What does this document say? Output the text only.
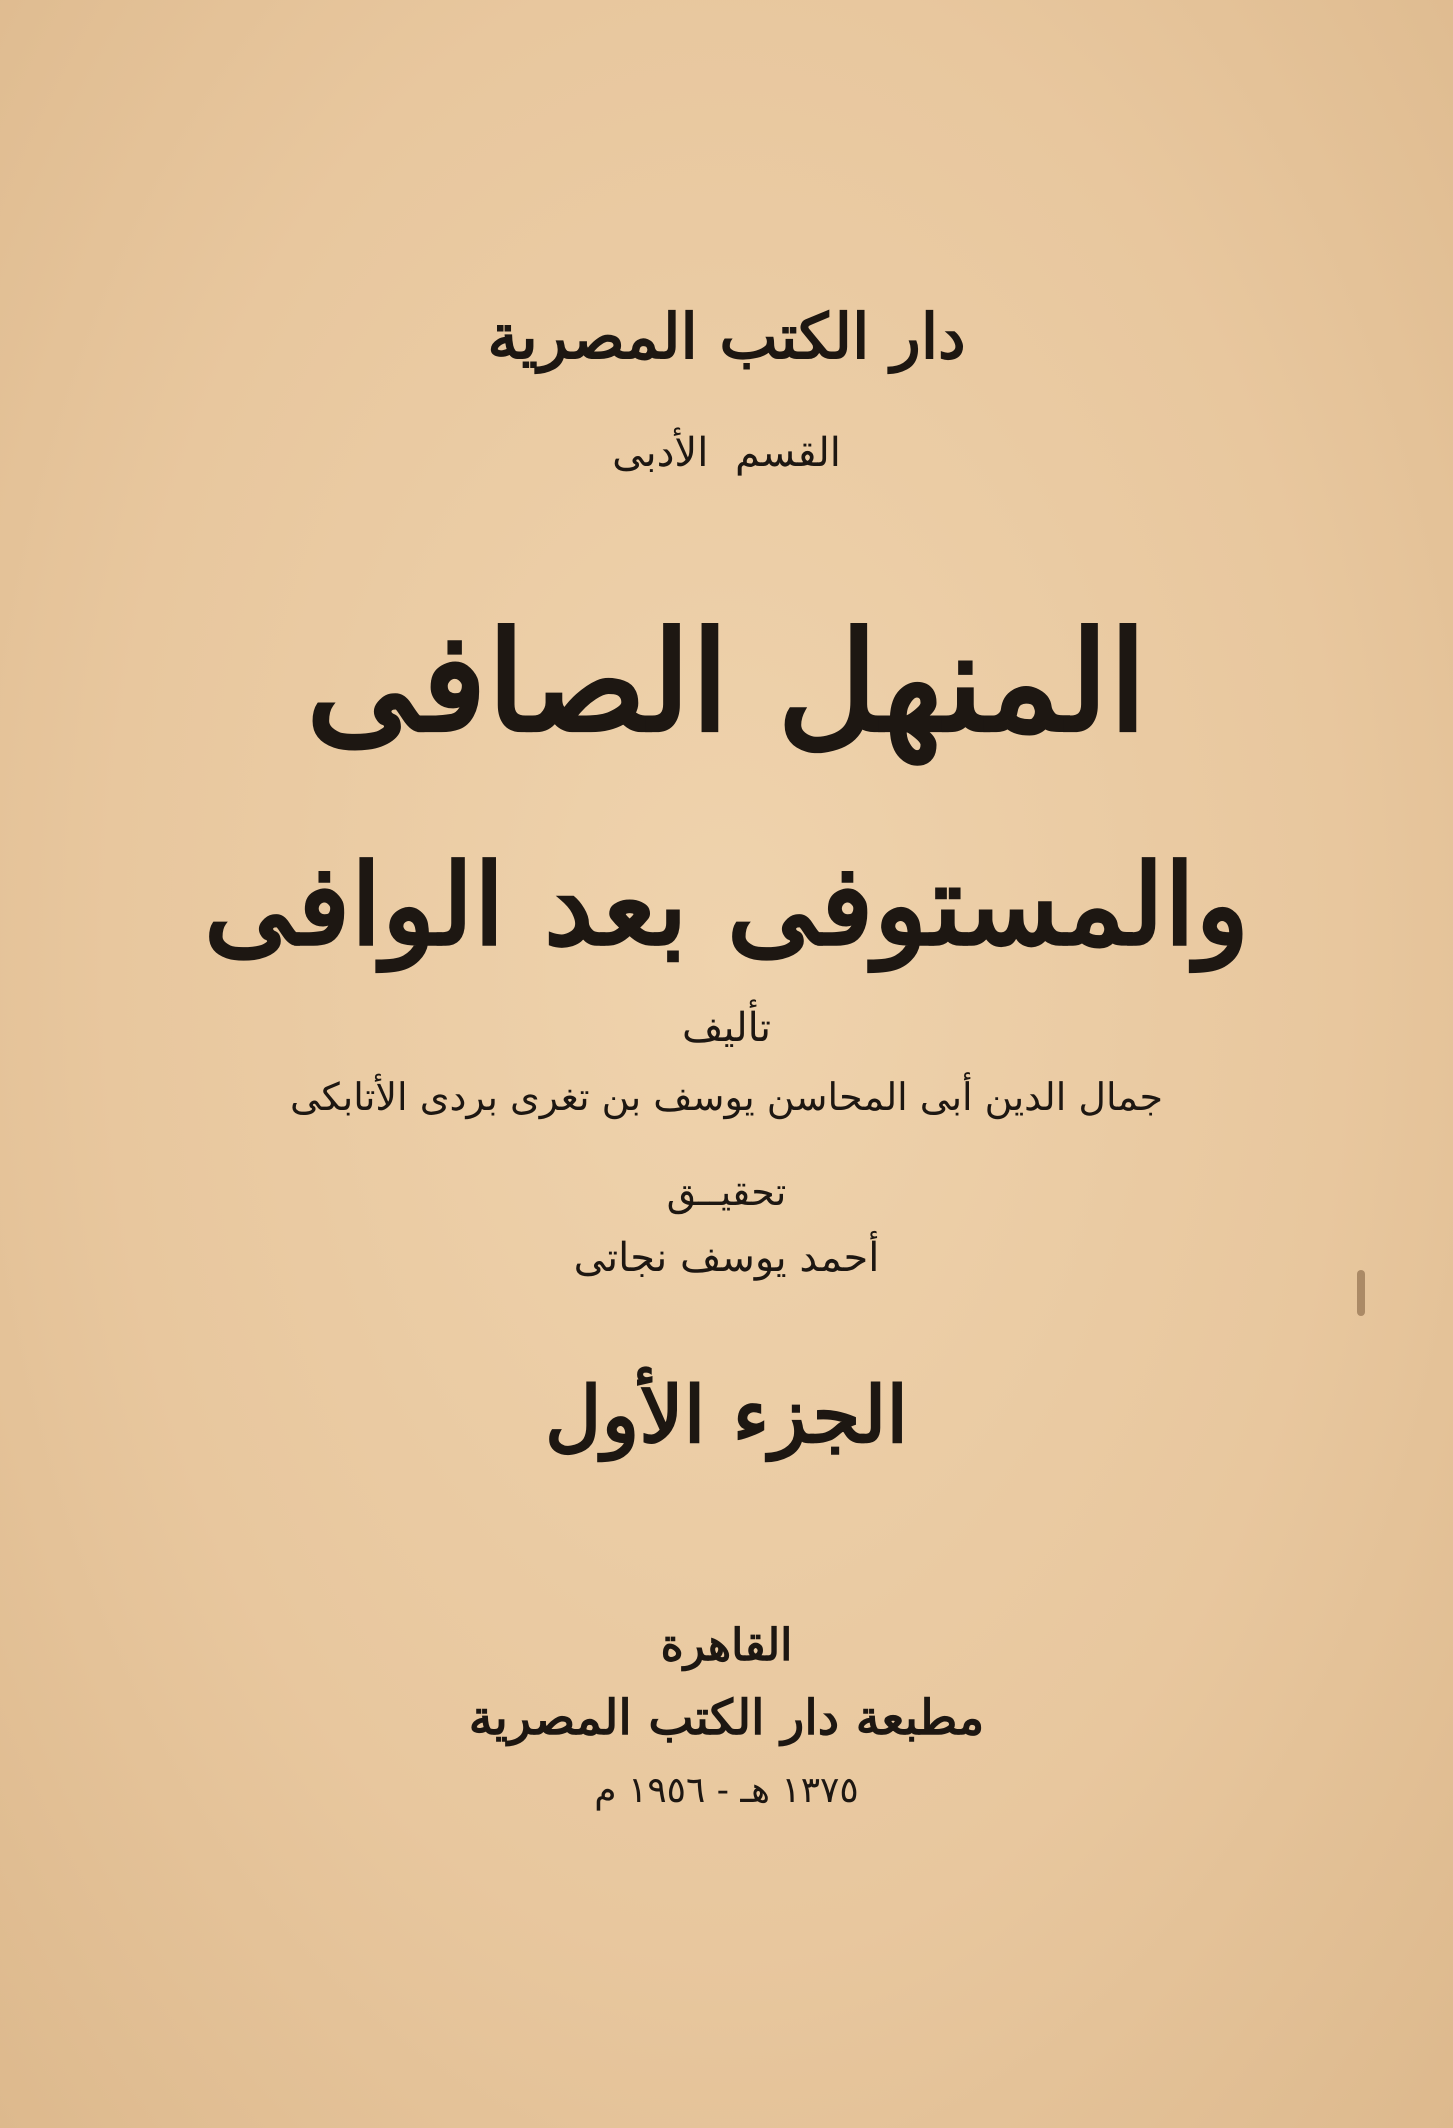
دار الكتب المصرية
القسم الأدبى
المنهل الصافى
والمستوفى بعد الوافى
تأليف
جمال الدين أبى المحاسن يوسف بن تغرى بردى الأتابكى
تحقيــق
أحمد يوسف نجاتى
الجزء الأول
القاهرة
مطبعة دار الكتب المصرية
١٣٧٥ هـ - ١٩٥٦ م
